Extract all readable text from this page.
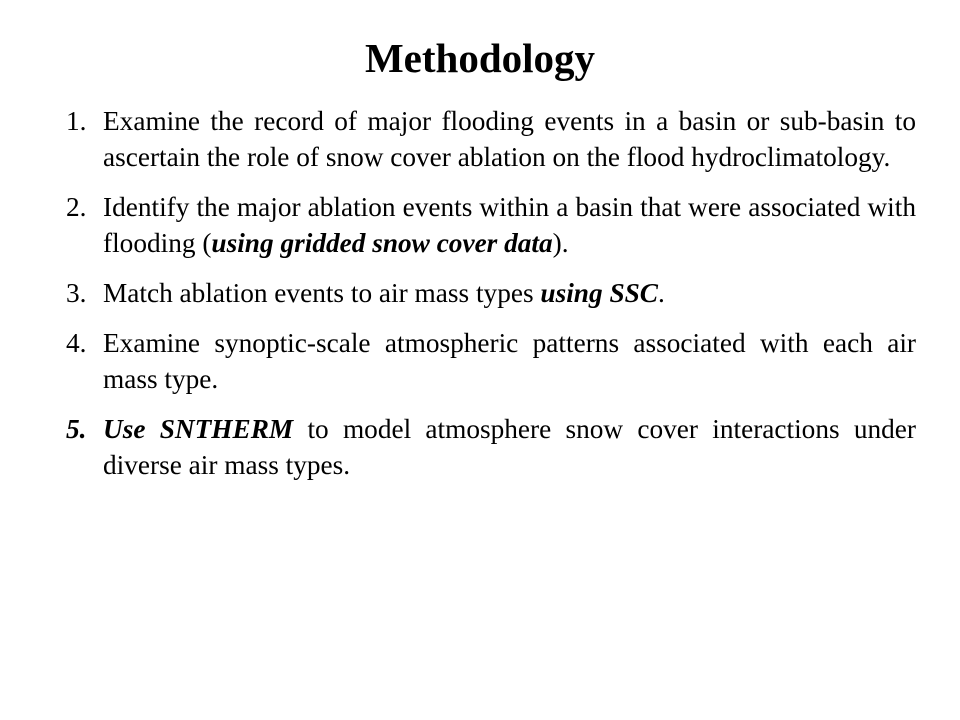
Methodology
1. Examine the record of major flooding events in a basin or sub-basin to ascertain the role of snow cover ablation on the flood hydroclimatology.
2. Identify the major ablation events within a basin that were associated with flooding (using gridded snow cover data).
3. Match ablation events to air mass types using SSC.
4. Examine synoptic-scale atmospheric patterns associated with each air mass type.
5. Use SNTHERM to model atmosphere snow cover interactions under diverse air mass types.
